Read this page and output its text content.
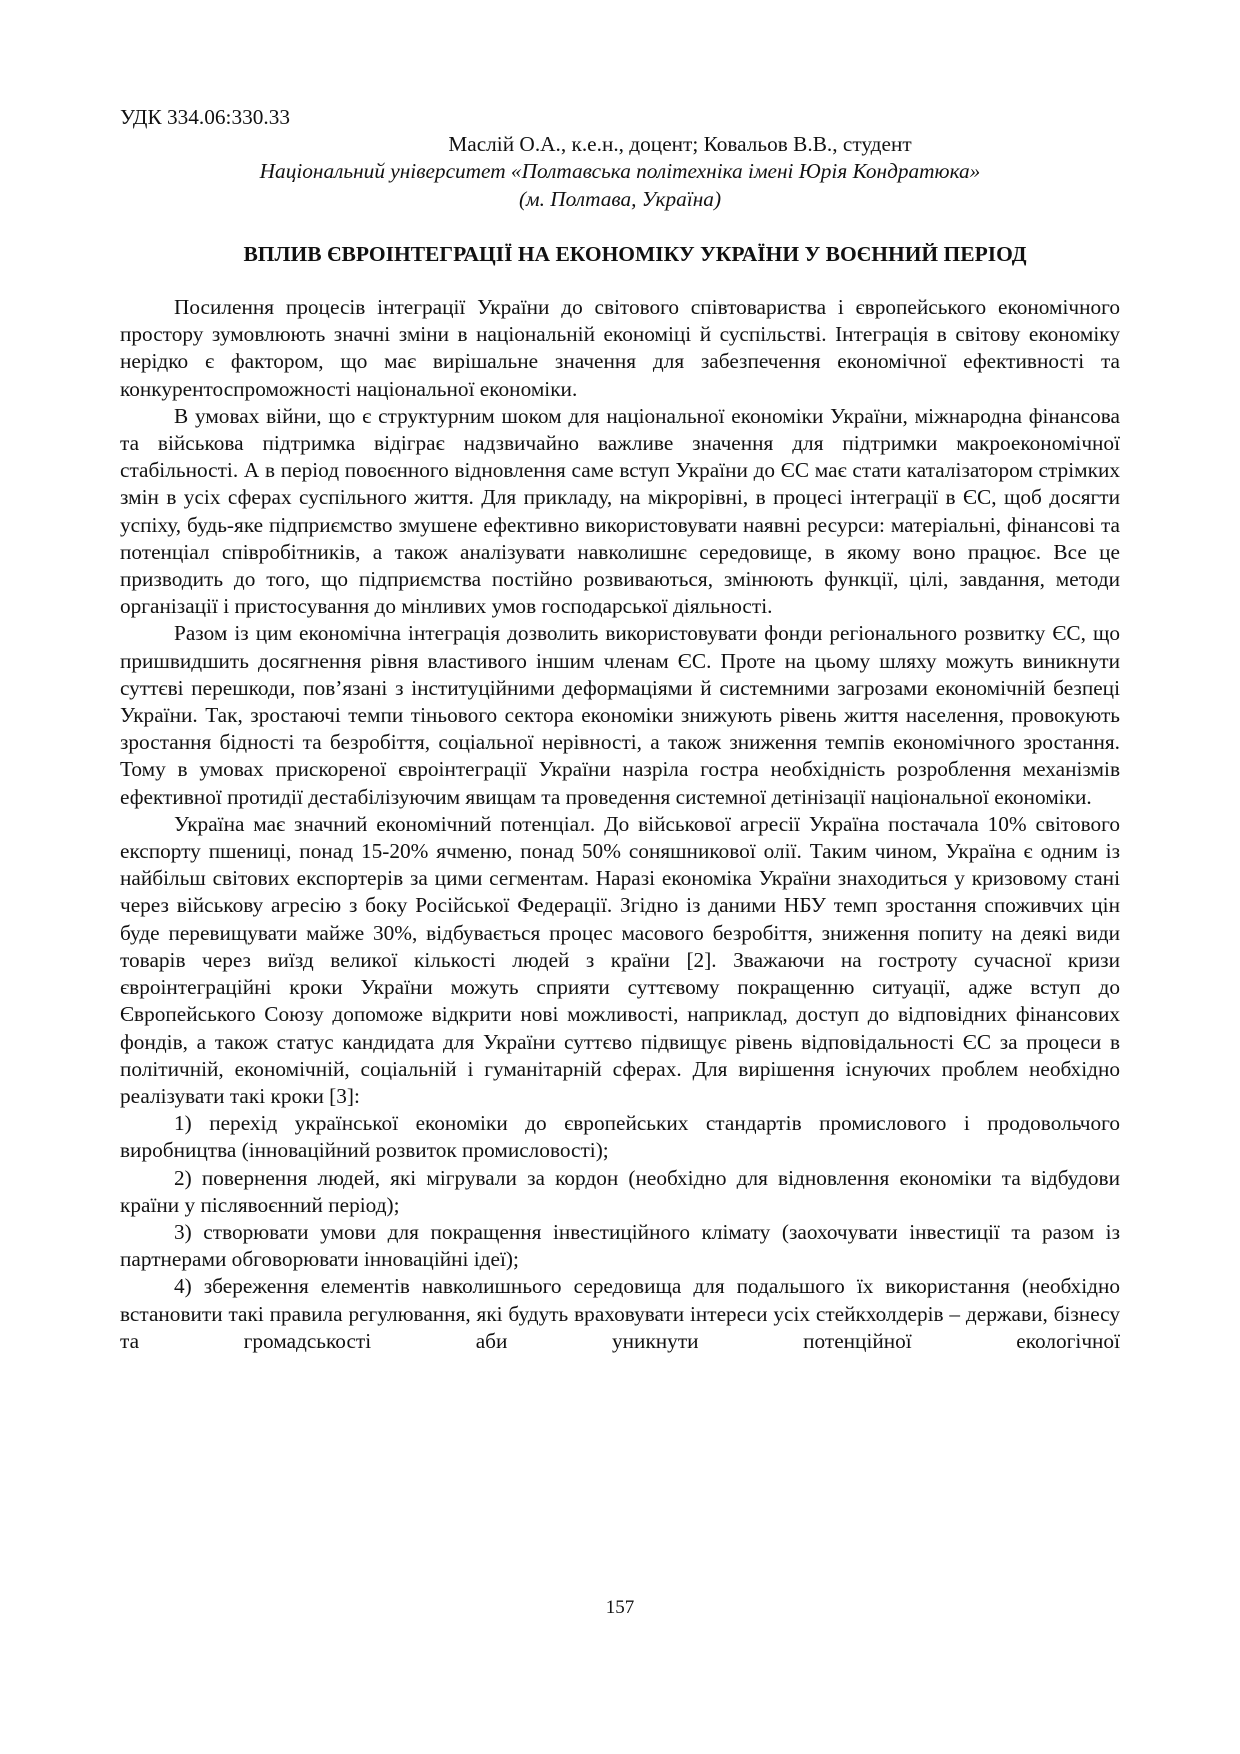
УДК 334.06:330.33

Маслій О.А., к.е.н., доцент; Ковальов В.В., студент

Національний університет «Полтавська політехніка імені Юрія Кондратюка»

(м. Полтава, Україна)

ВПЛИВ ЄВРОІНТЕГРАЦІЇ НА ЕКОНОМІКУ УКРАЇНИ У ВОЄННИЙ ПЕРІОД

Посилення процесів інтеграції України до світового співтовариства і європейського економічного простору зумовлюють значні зміни в національній економіці й суспільстві. Інтеграція в світову економіку нерідко є фактором, що має вирішальне значення для забезпечення економічної ефективності та конкурентоспроможності національної економіки.

В умовах війни, що є структурним шоком для національної економіки України, міжнародна фінансова та військова підтримка відіграє надзвичайно важливе значення для підтримки макроекономічної стабільності. А в період повоєнного відновлення саме вступ України до ЄС має стати каталізатором стрімких змін в усіх сферах суспільного життя. Для прикладу, на мікрорівні, в процесі інтеграції в ЄС, щоб досягти успіху, будь-яке підприємство змушене ефективно використовувати наявні ресурси: матеріальні, фінансові та потенціал співробітників, а також аналізувати навколишнє середовище, в якому воно працює. Все це призводить до того, що підприємства постійно розвиваються, змінюють функції, цілі, завдання, методи організації і пристосування до мінливих умов господарської діяльності.

Разом із цим економічна інтеграція дозволить використовувати фонди регіонального розвитку ЄС, що пришвидшить досягнення рівня властивого іншим членам ЄС. Проте на цьому шляху можуть виникнути суттєві перешкоди, пов’язані з інституційними деформаціями й системними загрозами економічній безпеці України. Так, зростаючі темпи тіньового сектора економіки знижують рівень життя населення, провокують зростання бідності та безробіття, соціальної нерівності, а також зниження темпів економічного зростання. Тому в умовах прискореної євроінтеграції України назріла гостра необхідність розроблення механізмів ефективної протидії дестабілізуючим явищам та проведення системної детінізації національної економіки.

Україна має значний економічний потенціал. До військової агресії Україна постачала 10% світового експорту пшениці, понад 15-20% ячменю, понад 50% соняшникової олії. Таким чином, Україна є одним із найбільш світових експортерів за цими сегментам. Наразі економіка України знаходиться у кризовому стані через військову агресію з боку Російської Федерації. Згідно із даними НБУ темп зростання споживчих цін буде перевищувати майже 30%, відбувається процес масового безробіття, зниження попиту на деякі види товарів через виїзд великої кількості людей з країни [2]. Зважаючи на гостроту сучасної кризи євроінтеграційні кроки України можуть сприяти суттєвому покращенню ситуації, адже вступ до Європейського Союзу допоможе відкрити нові можливості, наприклад, доступ до відповідних фінансових фондів, а також статус кандидата для України суттєво підвищує рівень відповідальності ЄС за процеси в політичній, економічній, соціальній і гуманітарній сферах. Для вирішення існуючих проблем необхідно реалізувати такі кроки [3]:

1) перехід української економіки до європейських стандартів промислового і продовольчого виробництва (інноваційний розвиток промисловості);

2) повернення людей, які мігрували за кордон (необхідно для відновлення економіки та відбудови країни у післявоєнний період);

3) створювати умови для покращення інвестиційного клімату (заохочувати інвестиції та разом із партнерами обговорювати інноваційні ідеї);

4) збереження елементів навколишнього середовища для подальшого їх використання (необхідно встановити такі правила регулювання, які будуть враховувати інтереси усіх стейкхолдерів – держави, бізнесу та громадськості аби уникнути потенційної екологічної

157
